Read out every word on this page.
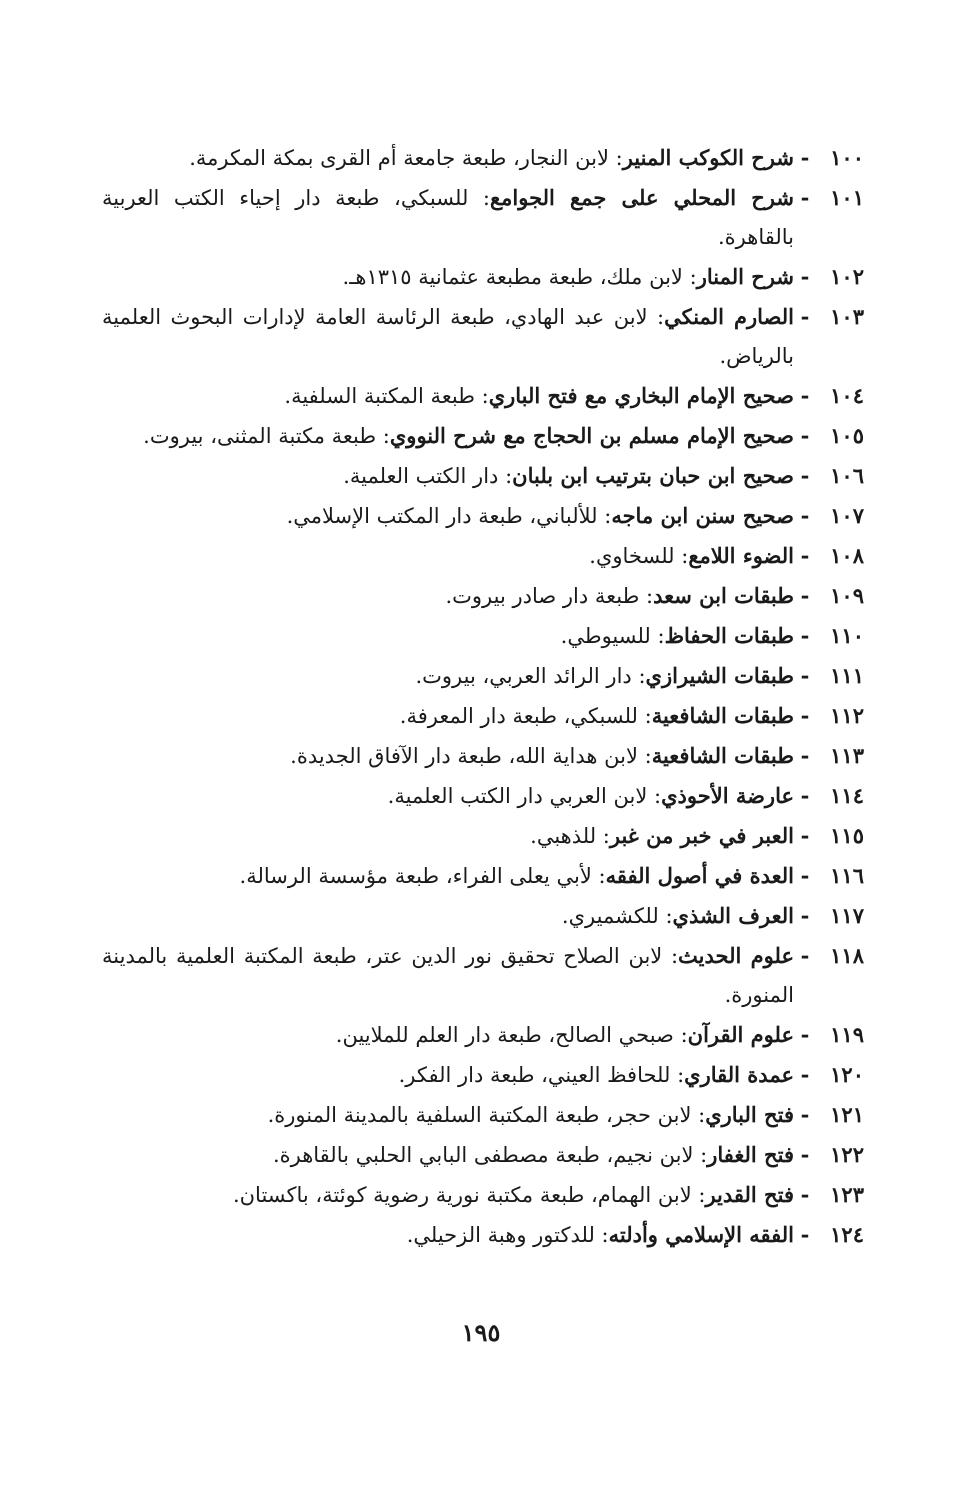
١٠٠
-
شرح الكوكب المنير: لابن النجار، طبعة جامعة أم القرى بمكة المكرمة.
١٠١
-
شرح المحلي على جمع الجوامع: للسبكي، طبعة دار إحياء الكتب العربية بالقاهرة.
١٠٢
-
شرح المنار: لابن ملك، طبعة مطبعة عثمانية ١٣١٥هـ.
١٠٣
-
الصارم المنكي: لابن عبد الهادي، طبعة الرئاسة العامة لإدارات البحوث العلمية بالرياض.
١٠٤
-
صحيح الإمام البخاري مع فتح الباري: طبعة المكتبة السلفية.
١٠٥
-
صحيح الإمام مسلم بن الحجاج مع شرح النووي: طبعة مكتبة المثنى، بيروت.
١٠٦
-
صحيح ابن حبان بترتيب ابن بلبان: دار الكتب العلمية.
١٠٧
-
صحيح سنن ابن ماجه: للألباني، طبعة دار المكتب الإسلامي.
١٠٨
-
الضوء اللامع: للسخاوي.
١٠٩
-
طبقات ابن سعد: طبعة دار صادر بيروت.
١١٠
-
طبقات الحفاظ: للسيوطي.
١١١
-
طبقات الشيرازي: دار الرائد العربي، بيروت.
١١٢
-
طبقات الشافعية: للسبكي، طبعة دار المعرفة.
١١٣
-
طبقات الشافعية: لابن هداية الله، طبعة دار الآفاق الجديدة.
١١٤
-
عارضة الأحوذي: لابن العربي دار الكتب العلمية.
١١٥
-
العبر في خبر من غبر: للذهبي.
١١٦
-
العدة في أصول الفقه: لأبي يعلى الفراء، طبعة مؤسسة الرسالة.
١١٧
-
العرف الشذي: للكشميري.
١١٨
-
علوم الحديث: لابن الصلاح تحقيق نور الدين عتر، طبعة المكتبة العلمية بالمدينة المنورة.
١١٩
-
علوم القرآن: صبحي الصالح، طبعة دار العلم للملايين.
١٢٠
-
عمدة القاري: للحافظ العيني، طبعة دار الفكر.
١٢١
-
فتح الباري: لابن حجر، طبعة المكتبة السلفية بالمدينة المنورة.
١٢٢
-
فتح الغفار: لابن نجيم، طبعة مصطفى البابي الحلبي بالقاهرة.
١٢٣
-
فتح القدير: لابن الهمام، طبعة مكتبة نورية رضوية كوئتة، باكستان.
١٢٤
-
الفقه الإسلامي وأدلته: للدكتور وهبة الزحيلي.
١٩٥
